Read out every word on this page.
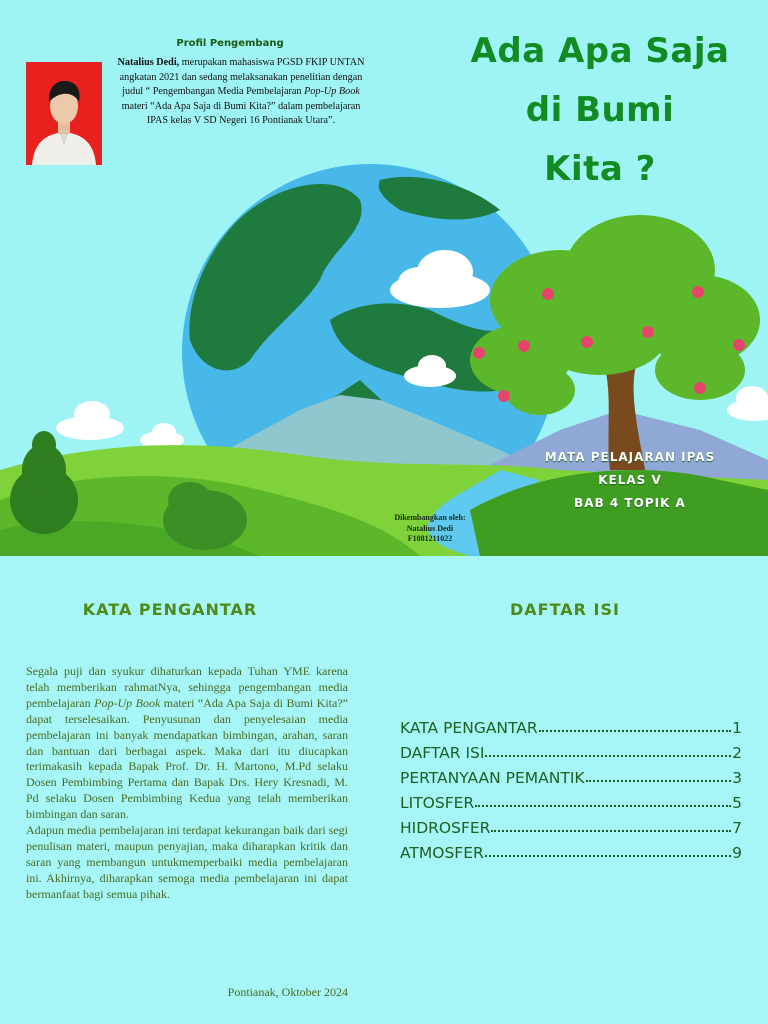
Profil Pengembang
Natalius Dedi, merupakan mahasiswa PGSD FKIP UNTAN angkatan 2021 dan sedang melaksanakan penelitian dengan judul “ Pengembangan Media Pembelajaran Pop-Up Book materi “Ada Apa Saja di Bumi Kita?” dalam pembelajaran IPAS kelas V SD Negeri 16 Pontianak Utara”.
Ada Apa Saja
di Bumi
Kita ?
MATA PELAJARAN IPAS
KELAS V
BAB 4 TOPIK A
Dikembangkan oleh:
Natalius Dedi
F1081211022
KATA PENGANTAR

Segala puji dan syukur dihaturkan kepada Tuhan YME karena telah memberikan rahmatNya, sehingga pengembangan media pembelajaran Pop-Up Book materi “Ada Apa Saja di Bumi Kita?” dapat terselesaikan. Penyusunan dan penyelesaian media pembelajaran ini banyak mendapatkan bimbingan, arahan, saran dan bantuan dari berbagai aspek. Maka dari itu diucapkan terimakasih kepada Bapak Prof. Dr. H. Martono, M.Pd selaku Dosen Pembimbing Pertama dan Bapak Drs. Hery Kresnadi, M. Pd selaku Dosen Pembimbing Kedua yang telah memberikan bimbingan dan saran.

Adapun media pembelajaran ini terdapat kekurangan baik dari segi penulisan materi, maupun penyajian, maka diharapkan kritik dan saran yang membangun untukmemperbaiki media pembelajaran ini. Akhirnya, diharapkan semoga media pembelajaran ini dapat bermanfaat bagi semua pihak.

Pontianak, Oktober 2024
DAFTAR ISI
KATA PENGANTAR	1
DAFTAR ISI	2
PERTANYAAN PEMANTIK	3
LITOSFER	5
HIDROSFER	7
ATMOSFER	9
